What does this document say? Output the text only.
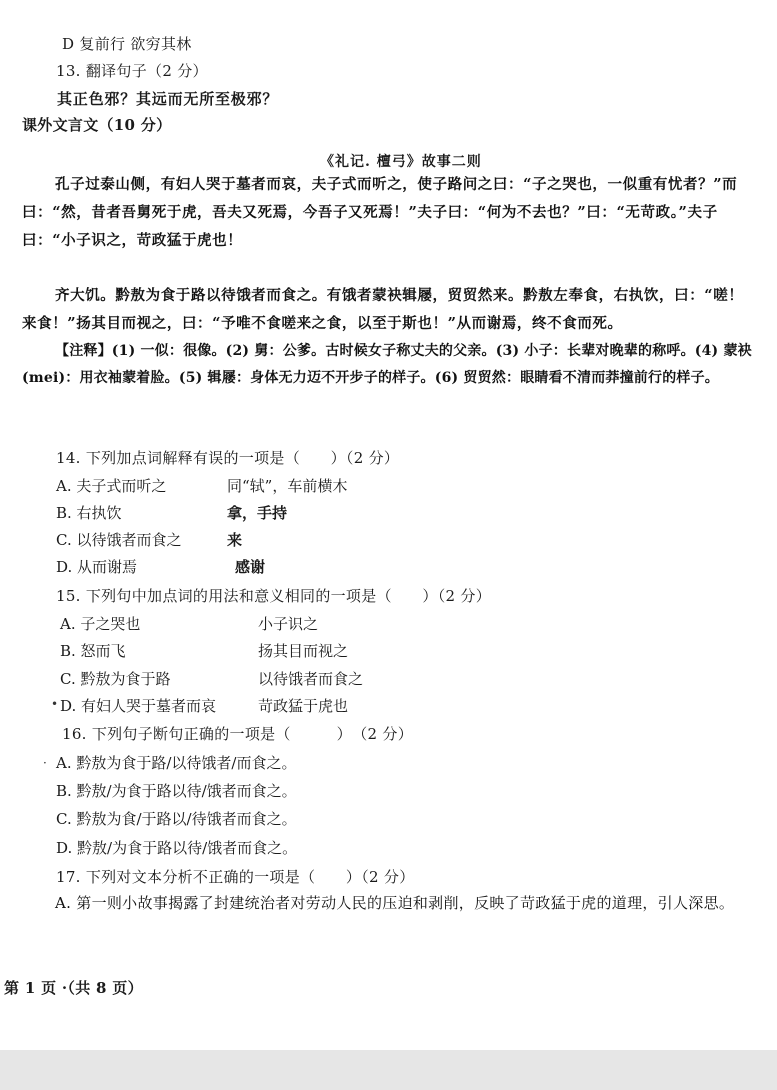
D 复前行 欲穷其林
13. 翻译句子（2 分）
其正色邪？其远而无所至极邪？
课外文言文（10 分）
《礼记. 檀弓》故事二则
孔子过泰山侧，有妇人哭于墓者而哀，夫子式而听之，使子路问之曰：“子之哭也，一似重有忧者？”而曰：“然，昔者吾舅死于虎，吾夫又死焉，今吾子又死焉！”夫子曰：“何为不去也？”曰：“无苛政。”夫子曰：“小子识之，苛政猛于虎也！
齐大饥。黔敖为食于路以待饿者而食之。有饿者蒙袂辑屦，贸贸然来。黔敖左奉食，右执饮，曰：“嗟！来食！”扬其目而视之，曰：“予唯不食嗟来之食，以至于斯也！”从而谢焉，终不食而死。
【注释】(1) 一似：很像。(2) 舅：公爹。古时候女子称丈夫的父亲。(3) 小子：长辈对晚辈的称呼。(4) 蒙袂(mei)：用衣袖蒙着脸。(5) 辑屦：身体无力迈不开步子的样子。(6) 贸贸然：眼睛看不清而莽撞前行的样子。
14. 下列加点词解释有误的一项是（　　）（2 分）
A. 夫子式而听之	同“轼”，车前横木
B. 右执饮	拿，手持
C. 以待饿者而食之	来
D. 从而谢焉	感谢
15. 下列句中加点词的用法和意义相同的一项是（　　）（2 分）
A. 子之哭也	小子识之
B. 怒而飞	扬其目而视之
C. 黔敖为食于路	以待饿者而食之
D. 有妇人哭于墓者而哀	苛政猛于虎也
•
16. 下列句子断句正确的一项是（　　　）　（2 分）
A. 黔敖为食于路/以待饿者/而食之。
·
B. 黔敖/为食于路以待/饿者而食之。
C. 黔敖为食/于路以/待饿者而食之。
D. 黔敖/为食于路以待/饿者而食之。
17. 下列对文本分析不正确的一项是（　　）（2 分）
A. 第一则小故事揭露了封建统治者对劳动人民的压迫和剥削，反映了苛政猛于虎的道理，引人深思。
第 1 页 ·（共 8 页）
